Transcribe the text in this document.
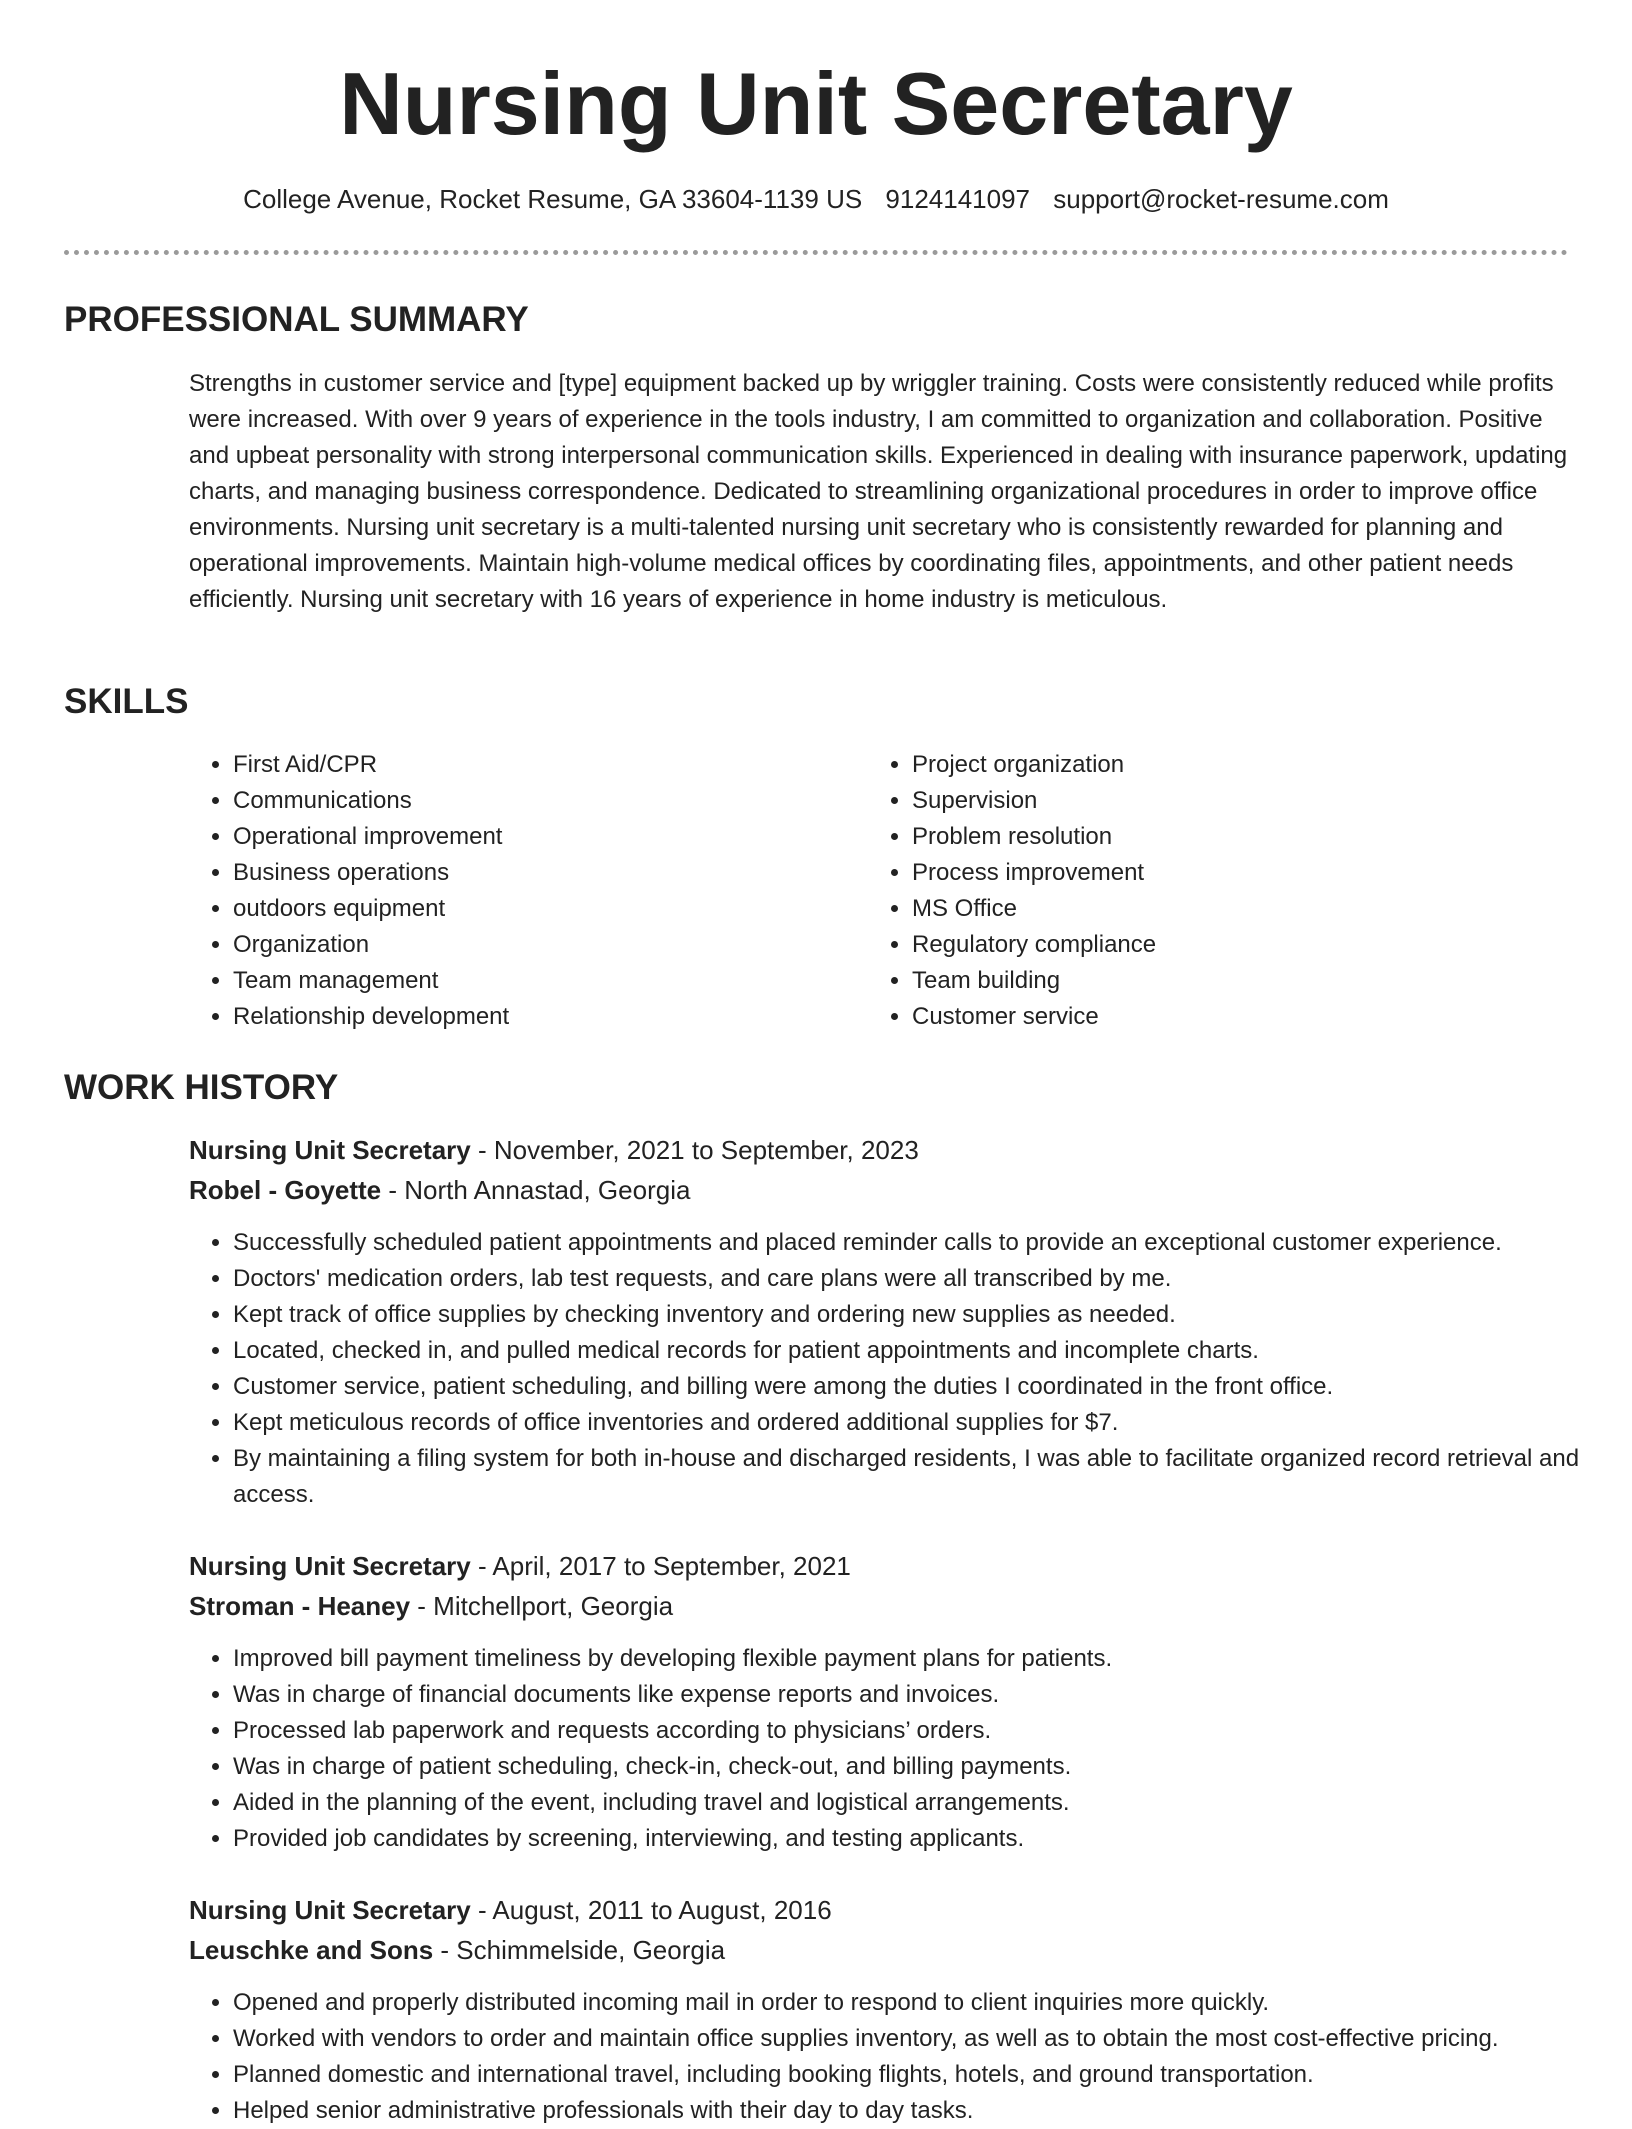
Nursing Unit Secretary
College Avenue, Rocket Resume, GA 33604-1139 US 9124141097 support@rocket-resume.com
PROFESSIONAL SUMMARY

Strengths in customer service and [type] equipment backed up by wriggler training. Costs were consistently reduced while profits were increased. With over 9 years of experience in the tools industry, I am committed to organization and collaboration. Positive and upbeat personality with strong interpersonal communication skills. Experienced in dealing with insurance paperwork, updating charts, and managing business correspondence. Dedicated to streamlining organizational procedures in order to improve office environments. Nursing unit secretary is a multi-talented nursing unit secretary who is consistently rewarded for planning and operational improvements. Maintain high-volume medical offices by coordinating files, appointments, and other patient needs efficiently. Nursing unit secretary with 16 years of experience in home industry is meticulous.

SKILLS
• First Aid/CPR
• Communications
• Operational improvement
• Business operations
• outdoors equipment
• Organization
• Team management
• Relationship development
• Project organization
• Supervision
• Problem resolution
• Process improvement
• MS Office
• Regulatory compliance
• Team building
• Customer service
WORK HISTORY
Nursing Unit Secretary - November, 2021 to September, 2023
Robel - Goyette - North Annastad, Georgia
• Successfully scheduled patient appointments and placed reminder calls to provide an exceptional customer experience.
• Doctors' medication orders, lab test requests, and care plans were all transcribed by me.
• Kept track of office supplies by checking inventory and ordering new supplies as needed.
• Located, checked in, and pulled medical records for patient appointments and incomplete charts.
• Customer service, patient scheduling, and billing were among the duties I coordinated in the front office.
• Kept meticulous records of office inventories and ordered additional supplies for $7.
• By maintaining a filing system for both in-house and discharged residents, I was able to facilitate organized record retrieval and access.
Nursing Unit Secretary - April, 2017 to September, 2021
Stroman - Heaney - Mitchellport, Georgia
• Improved bill payment timeliness by developing flexible payment plans for patients.
• Was in charge of financial documents like expense reports and invoices.
• Processed lab paperwork and requests according to physicians’ orders.
• Was in charge of patient scheduling, check-in, check-out, and billing payments.
• Aided in the planning of the event, including travel and logistical arrangements.
• Provided job candidates by screening, interviewing, and testing applicants.
Nursing Unit Secretary - August, 2011 to August, 2016
Leuschke and Sons - Schimmelside, Georgia
• Opened and properly distributed incoming mail in order to respond to client inquiries more quickly.
• Worked with vendors to order and maintain office supplies inventory, as well as to obtain the most cost-effective pricing.
• Planned domestic and international travel, including booking flights, hotels, and ground transportation.
• Helped senior administrative professionals with their day to day tasks.
